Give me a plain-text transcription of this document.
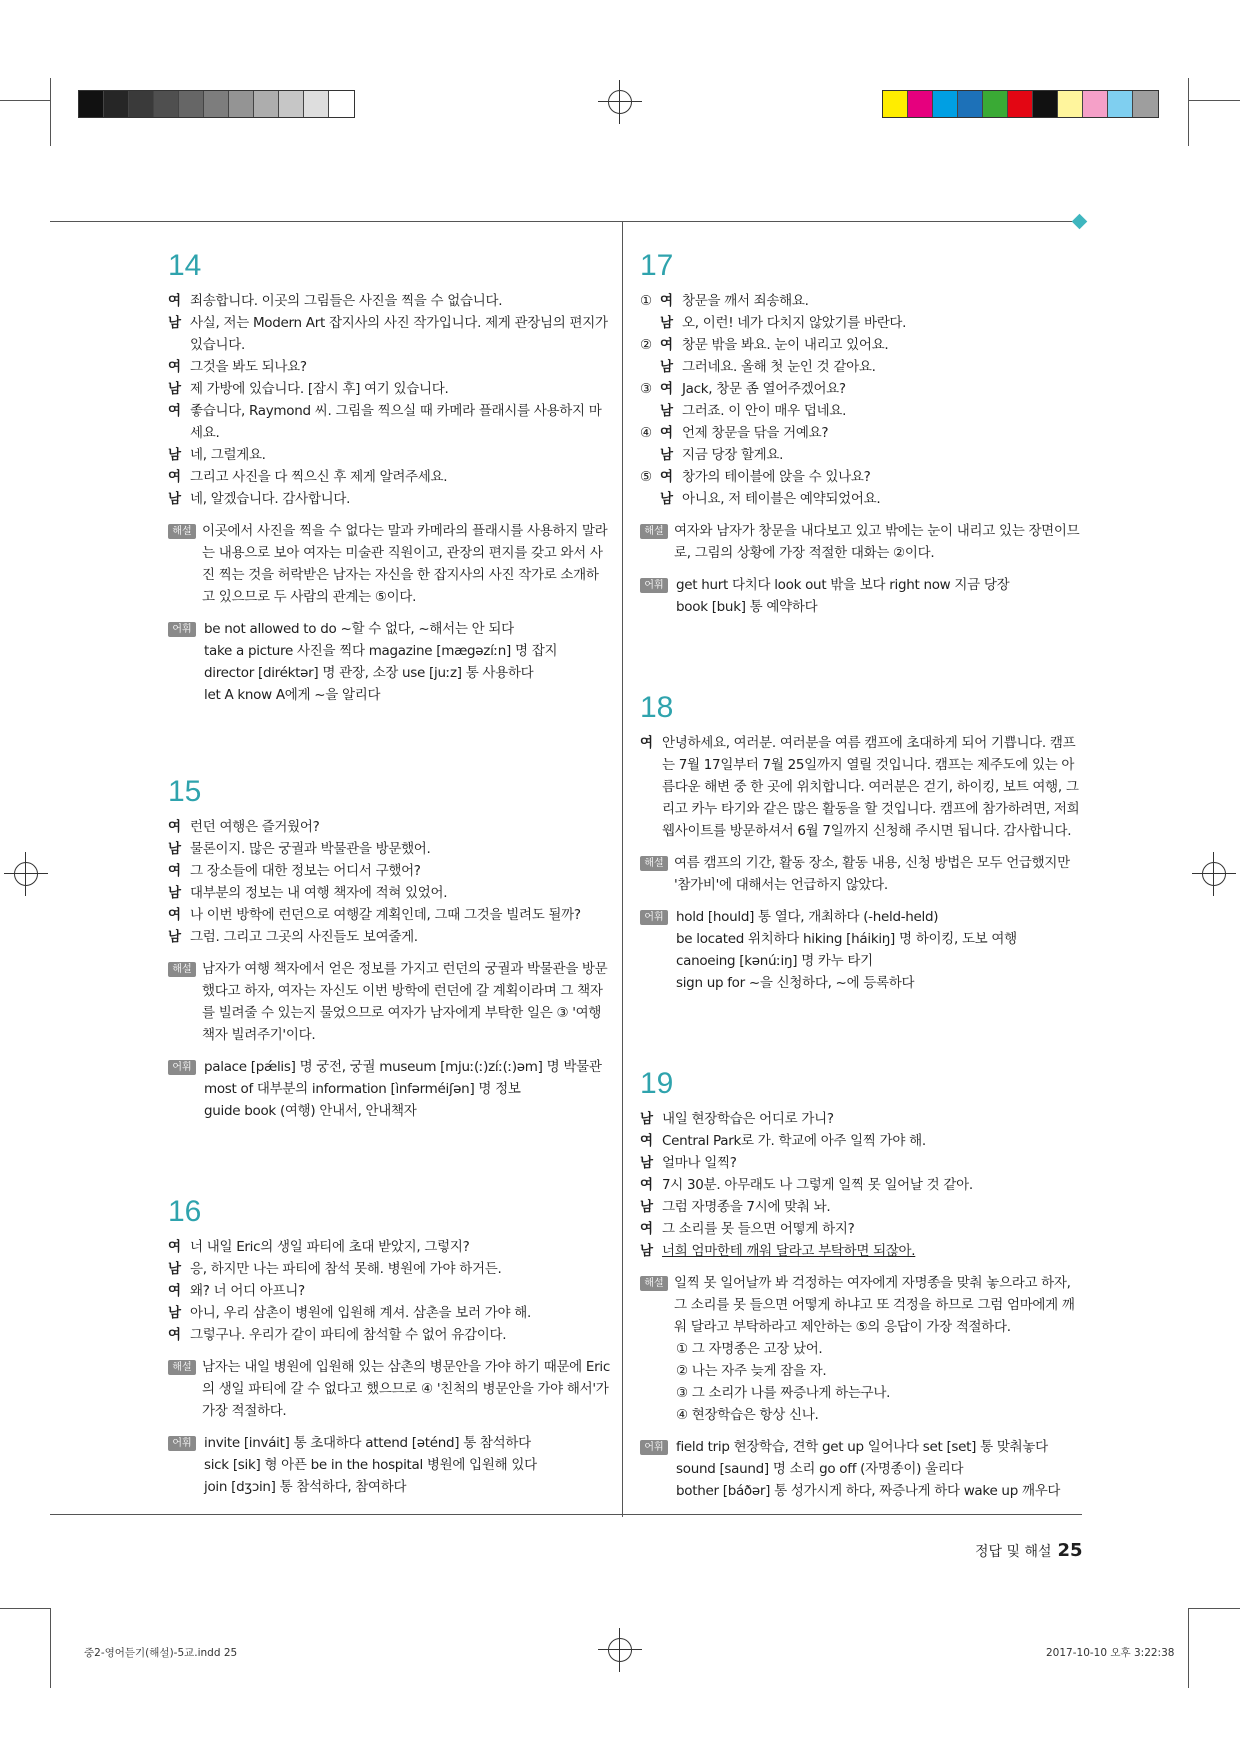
14
여 죄송합니다. 이곳의 그림들은 사진을 찍을 수 없습니다.
남 사실, 저는 Modern Art 잡지사의 사진 작가입니다. 제게 관장님의 편지가 있습니다.
여 그것을 봐도 되나요?
남 제 가방에 있습니다. [잠시 후] 여기 있습니다.
여 좋습니다, Raymond 씨. 그림을 찍으실 때 카메라 플래시를 사용하지 마세요.
남 네, 그럴게요.
여 그리고 사진을 다 찍으신 후 제게 알려주세요.
남 네, 알겠습니다. 감사합니다.
해설 이곳에서 사진을 찍을 수 없다는 말과 카메라의 플래시를 사용하지 말라는 내용으로 보아 여자는 미술관 직원이고, 관장의 편지를 갖고 와서 사진 찍는 것을 허락받은 남자는 자신을 한 잡지사의 사진 작가로 소개하고 있으므로 두 사람의 관계는 ⑤이다.
어휘 be not allowed to do ~할 수 없다, ~해서는 안 되다
take a picture 사진을 찍다 magazine [mӕgəzíːn] 명 잡지
director [diréktər] 명 관장, 소장 use [juːz] 통 사용하다
let A know A에게 ~을 알리다
15
여 런던 여행은 즐거웠어?
남 물론이지. 많은 궁궐과 박물관을 방문했어.
여 그 장소들에 대한 정보는 어디서 구했어?
남 대부분의 정보는 내 여행 책자에 적혀 있었어.
여 나 이번 방학에 런던으로 여행갈 계획인데, 그때 그것을 빌려도 될까?
남 그럼. 그리고 그곳의 사진들도 보여줄게.
해설 남자가 여행 책자에서 얻은 정보를 가지고 런던의 궁궐과 박물관을 방문했다고 하자, 여자는 자신도 이번 방학에 런던에 갈 계획이라며 그 책자를 빌려줄 수 있는지 물었으므로 여자가 남자에게 부탁한 일은 ③ '여행 책자 빌려주기'이다.
어휘 palace [pǽlis] 명 궁전, 궁궐 museum [mjuː(ː)zíː(ː)əm] 명 박물관
most of 대부분의 information [ìnfərméiʃən] 명 정보
guide book (여행) 안내서, 안내책자
16
여 너 내일 Eric의 생일 파티에 초대 받았지, 그렇지?
남 응, 하지만 나는 파티에 참석 못해. 병원에 가야 하거든.
여 왜? 너 어디 아프니?
남 아니, 우리 삼촌이 병원에 입원해 계셔. 삼촌을 보러 가야 해.
여 그렇구나. 우리가 같이 파티에 참석할 수 없어 유감이다.
해설 남자는 내일 병원에 입원해 있는 삼촌의 병문안을 가야 하기 때문에 Eric의 생일 파티에 갈 수 없다고 했으므로 ④ '친척의 병문안을 가야 해서'가 가장 적절하다.
어휘 invite [inváit] 통 초대하다 attend [əténd] 통 참석하다
sick [sik] 형 아픈 be in the hospital 병원에 입원해 있다
join [dʒɔin] 통 참석하다, 참여하다
17
① 여 창문을 깨서 죄송해요.
남 오, 이런! 네가 다치지 않았기를 바란다.
② 여 창문 밖을 봐요. 눈이 내리고 있어요.
남 그러네요. 올해 첫 눈인 것 같아요.
③ 여 Jack, 창문 좀 열어주겠어요?
남 그러죠. 이 안이 매우 덥네요.
④ 여 언제 창문을 닦을 거예요?
남 지금 당장 할게요.
⑤ 여 창가의 테이블에 앉을 수 있나요?
남 아니요, 저 테이블은 예약되었어요.
해설 여자와 남자가 창문을 내다보고 있고 밖에는 눈이 내리고 있는 장면이므로, 그림의 상황에 가장 적절한 대화는 ②이다.
어휘 get hurt 다치다 look out 밖을 보다 right now 지금 당장
book [buk] 통 예약하다
18
여 안녕하세요, 여러분. 여러분을 여름 캠프에 초대하게 되어 기쁩니다. 캠프는 7월 17일부터 7월 25일까지 열릴 것입니다. 캠프는 제주도에 있는 아름다운 해변 중 한 곳에 위치합니다. 여러분은 걷기, 하이킹, 보트 여행, 그리고 카누 타기와 같은 많은 활동을 할 것입니다. 캠프에 참가하려면, 저희 웹사이트를 방문하셔서 6월 7일까지 신청해 주시면 됩니다. 감사합니다.
해설 여름 캠프의 기간, 활동 장소, 활동 내용, 신청 방법은 모두 언급했지만 '참가비'에 대해서는 언급하지 않았다.
어휘 hold [hould] 통 열다, 개최하다 (-held-held)
be located 위치하다 hiking [háikiŋ] 명 하이킹, 도보 여행
canoeing [kənúːiŋ] 명 카누 타기
sign up for ~을 신청하다, ~에 등록하다
19
남 내일 현장학습은 어디로 가니?
여 Central Park로 가. 학교에 아주 일찍 가야 해.
남 얼마나 일찍?
여 7시 30분. 아무래도 나 그렇게 일찍 못 일어날 것 같아.
남 그럼 자명종을 7시에 맞춰 놔.
여 그 소리를 못 들으면 어떻게 하지?
남 너희 엄마한테 깨워 달라고 부탁하면 되잖아.
해설 일찍 못 일어날까 봐 걱정하는 여자에게 자명종을 맞춰 놓으라고 하자, 그 소리를 못 들으면 어떻게 하냐고 또 걱정을 하므로 그럼 엄마에게 깨워 달라고 부탁하라고 제안하는 ⑤의 응답이 가장 적절하다.
① 그 자명종은 고장 났어.
② 나는 자주 늦게 잠을 자.
③ 그 소리가 나를 짜증나게 하는구나.
④ 현장학습은 항상 신나.
어휘 field trip 현장학습, 견학 get up 일어나다 set [set] 통 맞춰놓다
sound [saund] 명 소리 go off (자명종이) 울리다
bother [báðər] 통 성가시게 하다, 짜증나게 하다 wake up 깨우다
정답 및 해설 25
중2-영어듣기(해설)-5교.indd 25	2017-10-10 오후 3:22:38
